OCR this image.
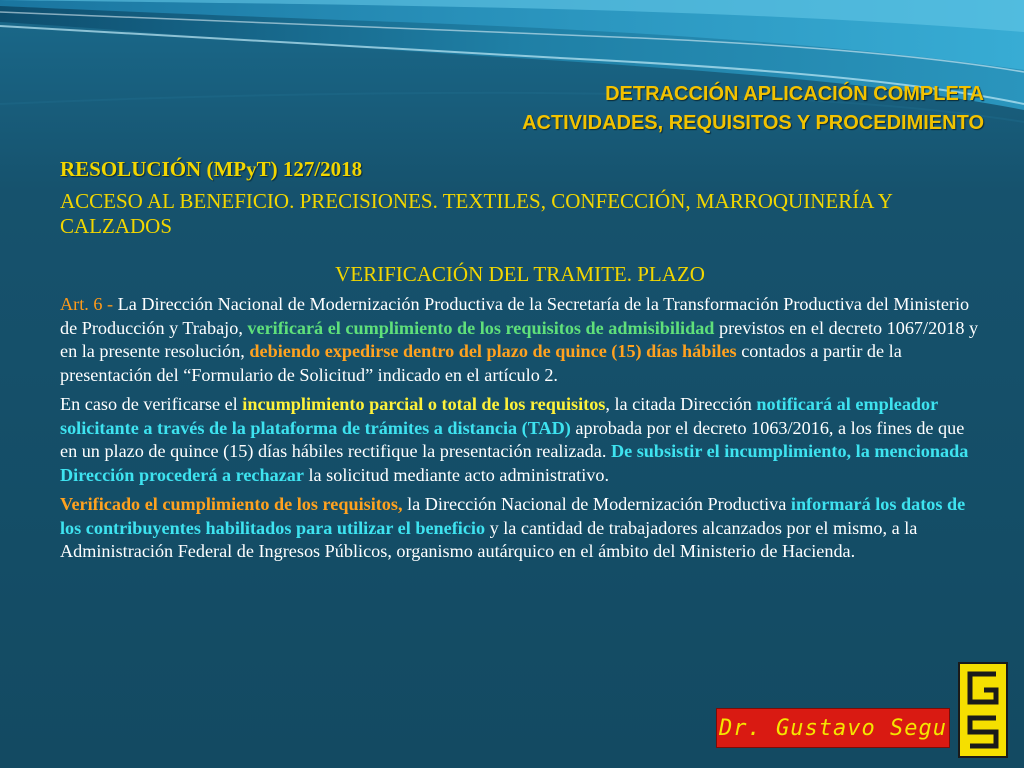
DETRACCIÓN APLICACIÓN COMPLETA
ACTIVIDADES, REQUISITOS Y PROCEDIMIENTO
RESOLUCIÓN (MPyT) 127/2018
ACCESO AL BENEFICIO. PRECISIONES. TEXTILES, CONFECCIÓN, MARROQUINERÍA Y CALZADOS
VERIFICACIÓN DEL TRAMITE. PLAZO

Art. 6 - La Dirección Nacional de Modernización Productiva de la Secretaría de la Transformación Productiva del Ministerio de Producción y Trabajo, verificará el cumplimiento de los requisitos de admisibilidad previstos en el decreto 1067/2018 y en la presente resolución, debiendo expedirse dentro del plazo de quince (15) días hábiles contados a partir de la presentación del “Formulario de Solicitud” indicado en el artículo 2.

En caso de verificarse el incumplimiento parcial o total de los requisitos, la citada Dirección notificará al empleador solicitante a través de la plataforma de trámites a distancia (TAD) aprobada por el decreto 1063/2016, a los fines de que en un plazo de quince (15) días hábiles rectifique la presentación realizada. De subsistir el incumplimiento, la mencionada Dirección procederá a rechazar la solicitud mediante acto administrativo.

Verificado el cumplimiento de los requisitos, la Dirección Nacional de Modernización Productiva informará los datos de los contribuyentes habilitados para utilizar el beneficio y la cantidad de trabajadores alcanzados por el mismo, a la Administración Federal de Ingresos Públicos, organismo autárquico en el ámbito del Ministerio de Hacienda.

Dr. Gustavo Segu
